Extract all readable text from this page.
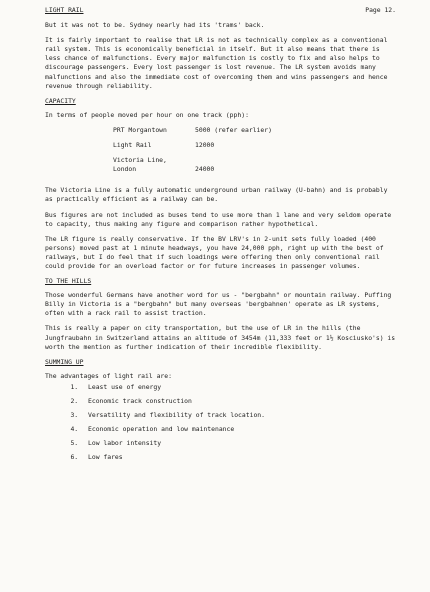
LIGHT RAIL	Page 12.

But it was not to be. Sydney nearly had its 'trams' back.

It is fairly important to realise that LR is not as technically complex as a conventional rail system. This is economically beneficial in itself. But it also means that there is less chance of malfunctions. Every major malfunction is costly to fix and also helps to discourage passengers. Every lost passenger is lost revenue. The LR system avoids many malfunctions and also the immediate cost of overcoming them and wins passengers and hence revenue through reliability.

CAPACITY

In terms of people moved per hour on one track (pph):

PRT Morgantown	5000 (refer earlier)
Light Rail	12000
Victoria Line, London	24000

The Victoria Line is a fully automatic underground urban railway (U-bahn) and is probably as practically efficient as a railway can be.

Bus figures are not included as buses tend to use more than 1 lane and very seldom operate to capacity, thus making any figure and comparison rather hypothetical.

The LR figure is really conservative. If the BV LRV's in 2-unit sets fully loaded (400 persons) moved past at 1 minute headways, you have 24,000 pph, right up with the best of railways, but I do feel that if such loadings were offering then only conventional rail could provide for an overload factor or for future increases in passenger volumes.

TO THE HILLS

Those wonderful Germans have another word for us - "bergbahn" or mountain railway. Puffing Billy in Victoria is a "bergbahn" but many overseas 'bergbahnen' operate as LR systems, often with a rack rail to assist traction.

This is really a paper on city transportation, but the use of LR in the hills (the Jungfraubahn in Switzerland attains an altitude of 3454m (11,333 feet or 1½ Kosciusko's) is worth the mention as further indication of their incredible flexibility.

SUMMING UP

The advantages of light rail are:

1. Least use of energy
2. Economic track construction
3. Versatility and flexibility of track location.
4. Economic operation and low maintenance
5. Low labor intensity
6. Low fares
